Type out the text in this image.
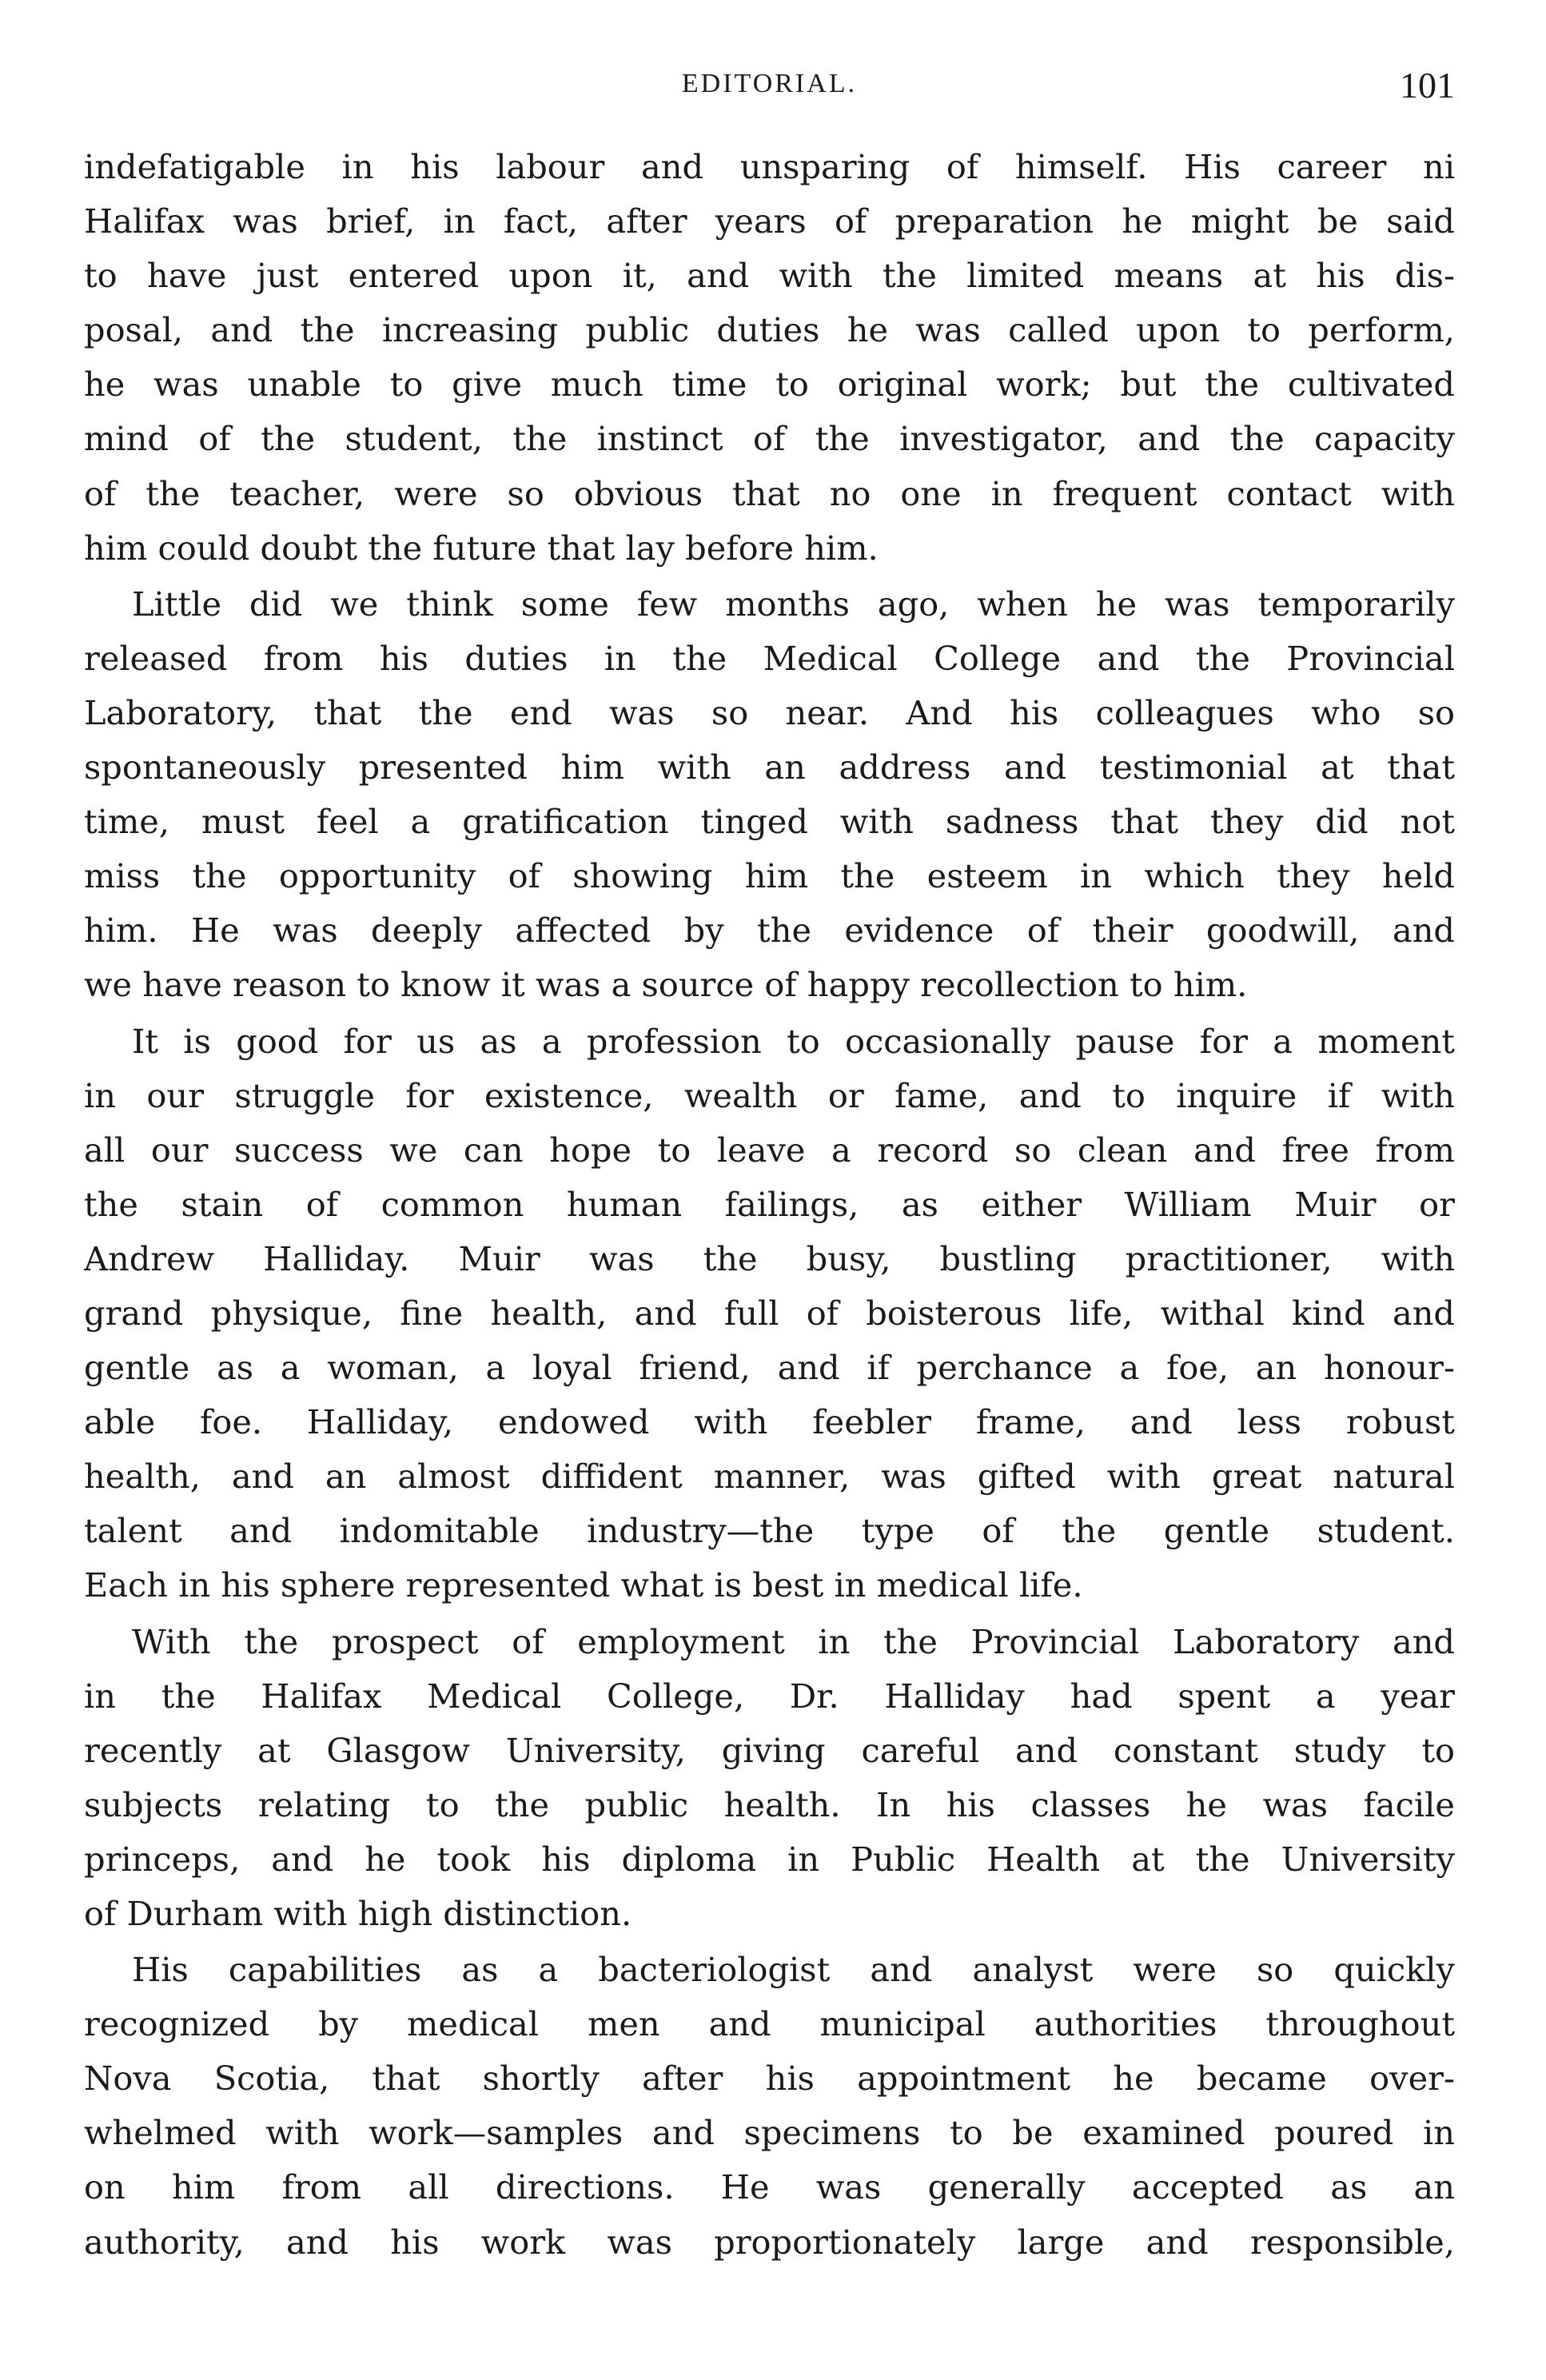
EDITORIAL.	101
indefatigable in his labour and unsparing of himself. His career ni
Halifax was brief, in fact, after years of preparation he might be said
to have just entered upon it, and with the limited means at his dis-
posal, and the increasing public duties he was called upon to perform,
he was unable to give much time to original work; but the cultivated
mind of the student, the instinct of the investigator, and the capacity
of the teacher, were so obvious that no one in frequent contact with
him could doubt the future that lay before him.
Little did we think some few months ago, when he was temporarily
released from his duties in the Medical College and the Provincial
Laboratory, that the end was so near. And his colleagues who so
spontaneously presented him with an address and testimonial at that
time, must feel a gratification tinged with sadness that they did not
miss the opportunity of showing him the esteem in which they held
him. He was deeply affected by the evidence of their goodwill, and
we have reason to know it was a source of happy recollection to him.
It is good for us as a profession to occasionally pause for a moment
in our struggle for existence, wealth or fame, and to inquire if with
all our success we can hope to leave a record so clean and free from
the stain of common human failings, as either William Muir or
Andrew Halliday. Muir was the busy, bustling practitioner, with
grand physique, fine health, and full of boisterous life, withal kind and
gentle as a woman, a loyal friend, and if perchance a foe, an honour-
able foe. Halliday, endowed with feebler frame, and less robust
health, and an almost diffident manner, was gifted with great natural
talent and indomitable industry—the type of the gentle student.
Each in his sphere represented what is best in medical life.
With the prospect of employment in the Provincial Laboratory and
in the Halifax Medical College, Dr. Halliday had spent a year
recently at Glasgow University, giving careful and constant study to
subjects relating to the public health. In his classes he was facile
princeps, and he took his diploma in Public Health at the University
of Durham with high distinction.
His capabilities as a bacteriologist and analyst were so quickly
recognized by medical men and municipal authorities throughout
Nova Scotia, that shortly after his appointment he became over-
whelmed with work—samples and specimens to be examined poured in
on him from all directions. He was generally accepted as an
authority, and his work was proportionately large and responsible,
